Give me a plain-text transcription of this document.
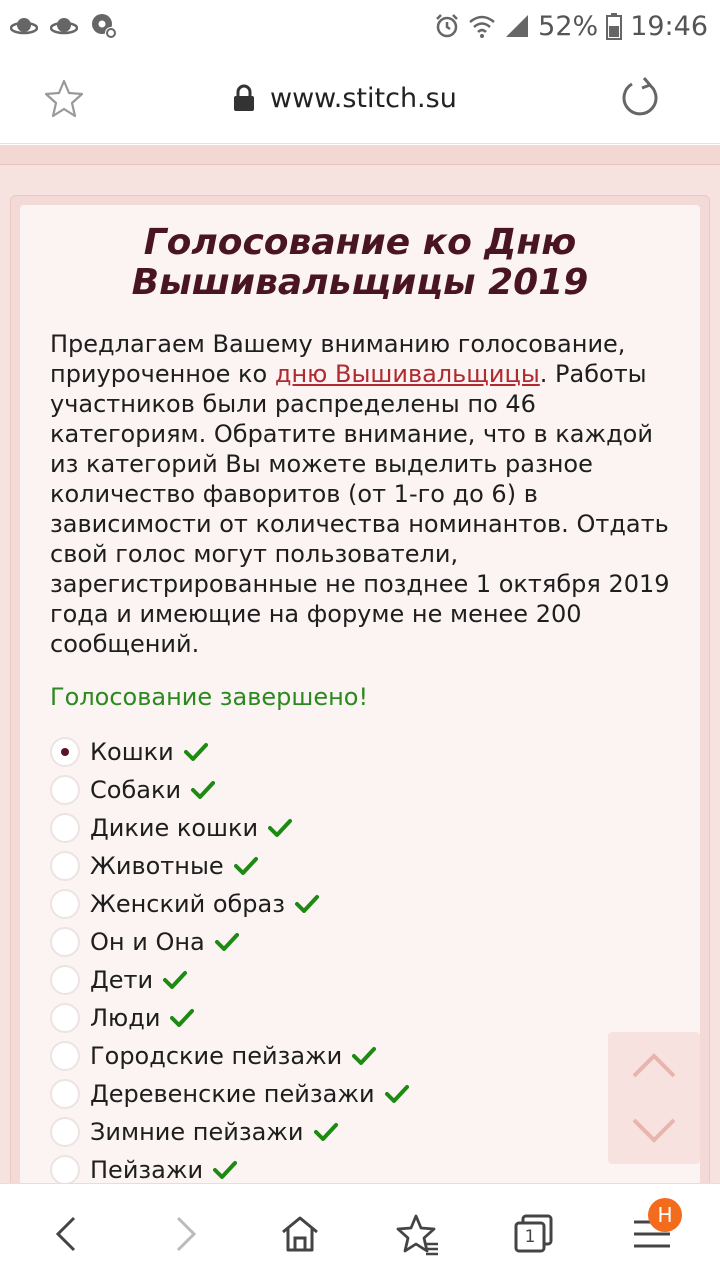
52% 19:46
www.stitch.su
Голосование ко Дню Вышивальщицы 2019

Предлагаем Вашему вниманию голосование, приуроченное ко дню Вышивальщицы. Работы участников были распределены по 46 категориям. Обратите внимание, что в каждой из категорий Вы можете выделить разное количество фаворитов (от 1-го до 6) в зависимости от количества номинантов. Отдать свой голос могут пользователи, зарегистрированные не позднее 1 октября 2019 года и имеющие на форуме не менее 200 сообщений.

Голосование завершено!
Кошки
Собаки
Дикие кошки
Животные
Женский образ
Он и Она
Дети
Люди
Городские пейзажи
Деревенские пейзажи
Зимние пейзажи
Пейзажи
1
Н
